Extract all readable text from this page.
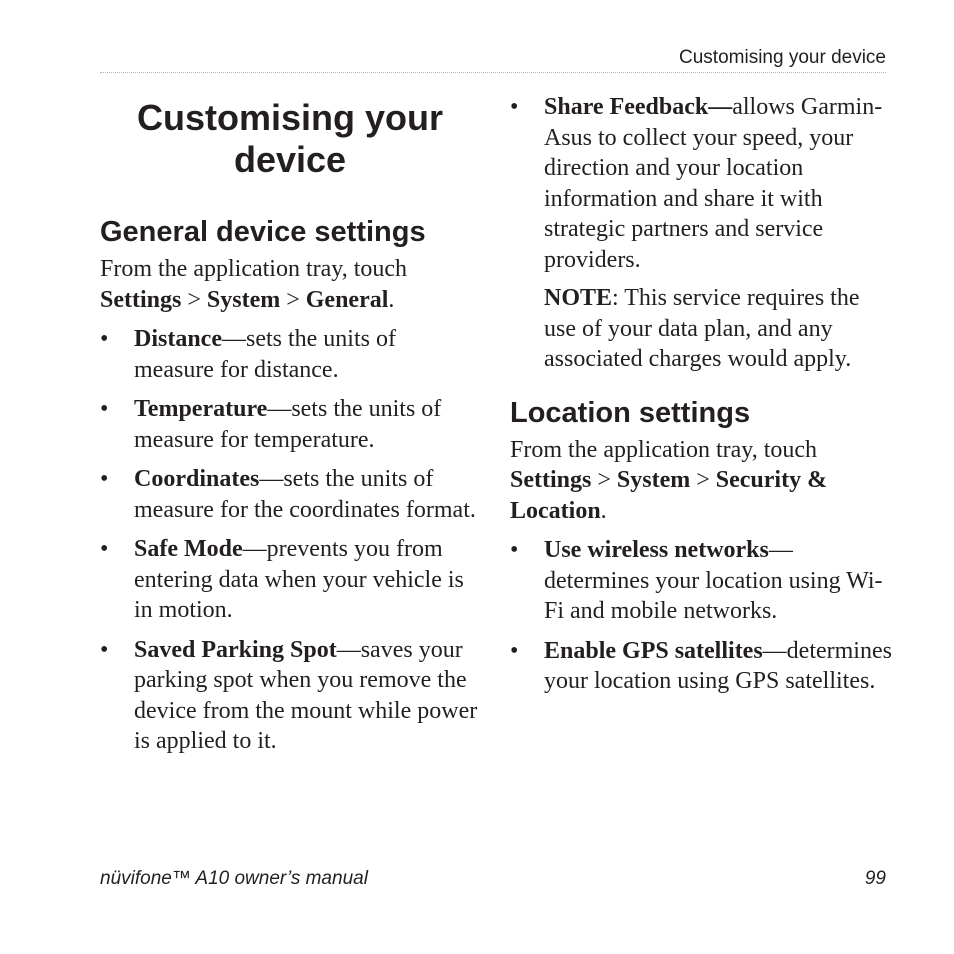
Customising your device
Customising your device
General device settings

From the application tray, touch
Settings > System > General.

• Distance—sets the units of measure for distance.
• Temperature—sets the units of measure for temperature.
• Coordinates—sets the units of measure for the coordinates format.
• Safe Mode—prevents you from entering data when your vehicle is in motion.
• Saved Parking Spot—saves your parking spot when you remove the device from the mount while power is applied to it.
• Share Feedback—allows Garmin-Asus to collect your speed, your direction and your location information and share it with strategic partners and service providers.

NOTE: This service requires the use of your data plan, and any associated charges would apply.

Location settings

From the application tray, touch
Settings > System > Security & Location.

• Use wireless networks— determines your location using Wi-Fi and mobile networks.
• Enable GPS satellites—determines your location using GPS satellites.
nüvifone™ A10 owner’s manual	99
